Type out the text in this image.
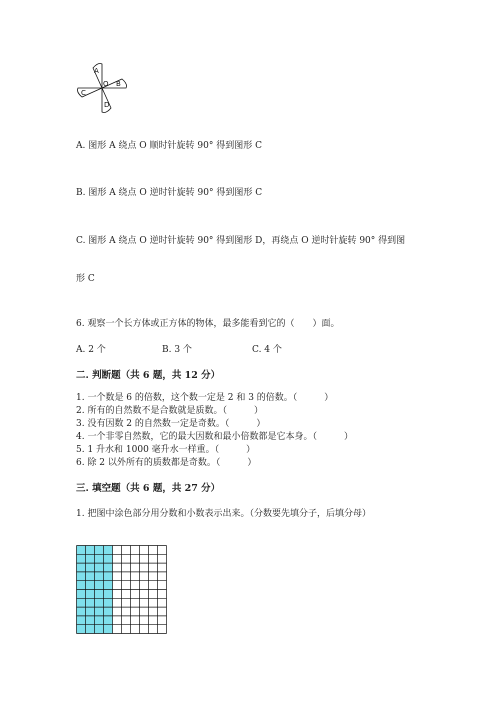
A
B
C
D
O
A. 图形 A 绕点 O 顺时针旋转 90° 得到图形 C
B. 图形 A 绕点 O 逆时针旋转 90° 得到图形 C
C. 图形 A 绕点 O 逆时针旋转 90° 得到图形 D，再绕点 O 逆时针旋转 90° 得到图
形 C
6. 观察一个长方体或正方体的物体，最多能看到它的（　　）面。
A. 2 个	B. 3 个	C. 4 个
二. 判断题（共 6 题，共 12 分）
1. 一个数是 6 的倍数，这个数一定是 2 和 3 的倍数。（　　　）
2. 所有的自然数不是合数就是质数。（　　　）
3. 没有因数 2 的自然数一定是奇数。（　　　）
4. 一个非零自然数，它的最大因数和最小倍数都是它本身。（　　　）
5. 1 升水和 1000 毫升水一样重。（　　　）
6. 除 2 以外所有的质数都是奇数。（　　　）
三. 填空题（共 6 题，共 27 分）
1. 把图中涂色部分用分数和小数表示出来。（分数要先填分子，后填分母）
